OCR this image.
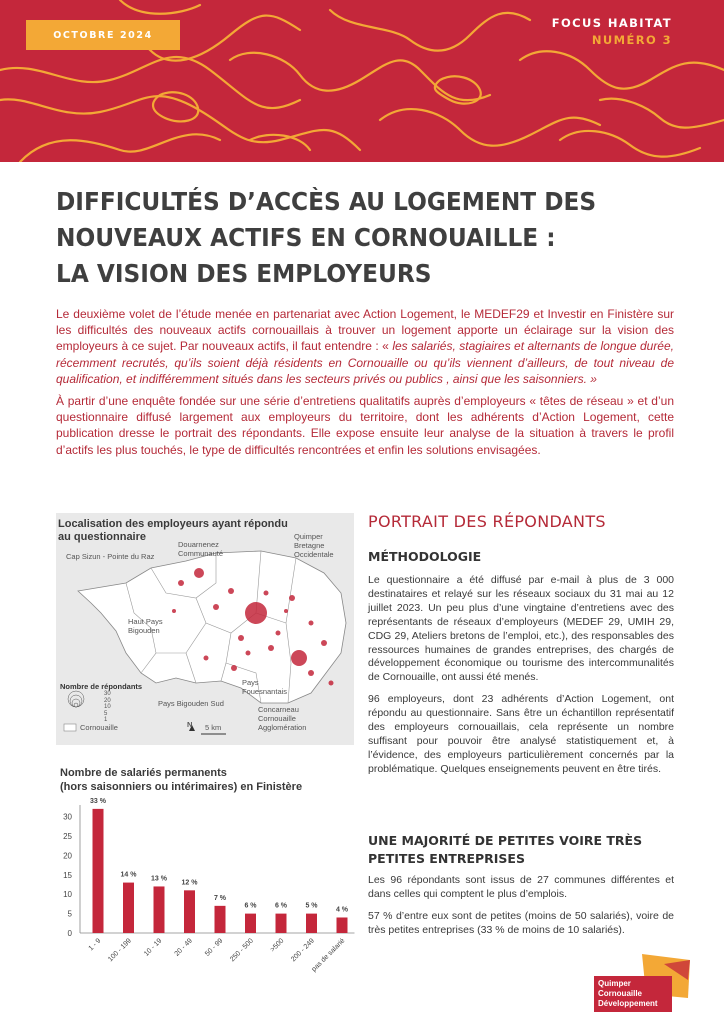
OCTOBRE 2024
FOCUS HABITAT
NUMÉRO 3
DIFFICULTÉS D’ACCÈS AU LOGEMENT DES
NOUVEAUX ACTIFS EN CORNOUAILLE :
LA VISION DES EMPLOYEURS

Le deuxième volet de l’étude menée en partenariat avec Action Logement, le MEDEF29 et Investir en Finistère sur les difficultés des nouveaux actifs cornouaillais à trouver un logement apporte un éclairage sur la vision des employeurs à ce sujet. Par nouveaux actifs, il faut entendre : « les salariés, stagiaires et alternants de longue durée, récemment recrutés, qu’ils soient déjà résidents en Cornouaille ou qu’ils viennent d’ailleurs, de tout niveau de qualification, et indifféremment situés dans les secteurs privés ou publics , ainsi que les saisonniers. »

À partir d’une enquête fondée sur une série d’entretiens qualitatifs auprès d’employeurs « têtes de réseau » et d’un questionnaire diffusé largement aux employeurs du territoire, dont les adhérents d’Action Logement, cette publication dresse le portrait des répondants. Elle expose ensuite leur analyse de la situation à travers le profil d’actifs les plus touchés, le type de difficultés rencontrées et enfin les solutions envisagées.

Localisation des employeurs ayant répondu
au questionnaire
Cap Sizun - Pointe du Raz
Douarnenez
Communauté
Quimper
Bretagne
Occidentale
Haut Pays
Bigouden
Pays
Fouesnantais
Pays Bigouden Sud
Concarneau
Cornouaille
Agglomération
Nombre de répondants
30
20
10
5
1
Cornouaille	N 5 km
Nombre de salariés permanents
(hors saisonniers ou intérimaires) en Finistère
0
5
10
15
20
25
30
33 %
1 - 9
14 %
100 - 199
13 %
10 - 19
12 %
20 - 49
7 %
50 - 99
6 %
250 - 500
6 %
>500
5 %
200 - 249
4 %
pas de salarié
PORTRAIT DES RÉPONDANTS
MÉTHODOLOGIE

Le questionnaire a été diffusé par e-mail à plus de 3 000 destinataires et relayé sur les réseaux sociaux du 31 mai au 12 juillet 2023. Un peu plus d’une vingtaine d’entretiens avec des représentants de réseaux d’employeurs (MEDEF 29, UMIH 29, CDG 29, Ateliers bretons de l’emploi, etc.), des responsables des ressources humaines de grandes entreprises, des chargés de développement économique ou tourisme des intercommunalités de Cornouaille, ont aussi été menés.

96 employeurs, dont 23 adhérents d’Action Logement, ont répondu au questionnaire. Sans être un échantillon représentatif des employeurs cornouaillais, cela représente un nombre suffisant pour pouvoir être analysé statistiquement et, à l’évidence, des employeurs particulièrement concernés par la problématique. Quelques enseignements peuvent en être tirés.

UNE MAJORITÉ DE PETITES VOIRE TRÈS
PETITES ENTREPRISES

Les 96 répondants sont issus de 27 communes différentes et dans celles qui comptent le plus d’emplois.

57 % d’entre eux sont de petites (moins de 50 salariés), voire de très petites entreprises (33 % de moins de 10 salariés).

Quimper
Cornouaille
Développement
